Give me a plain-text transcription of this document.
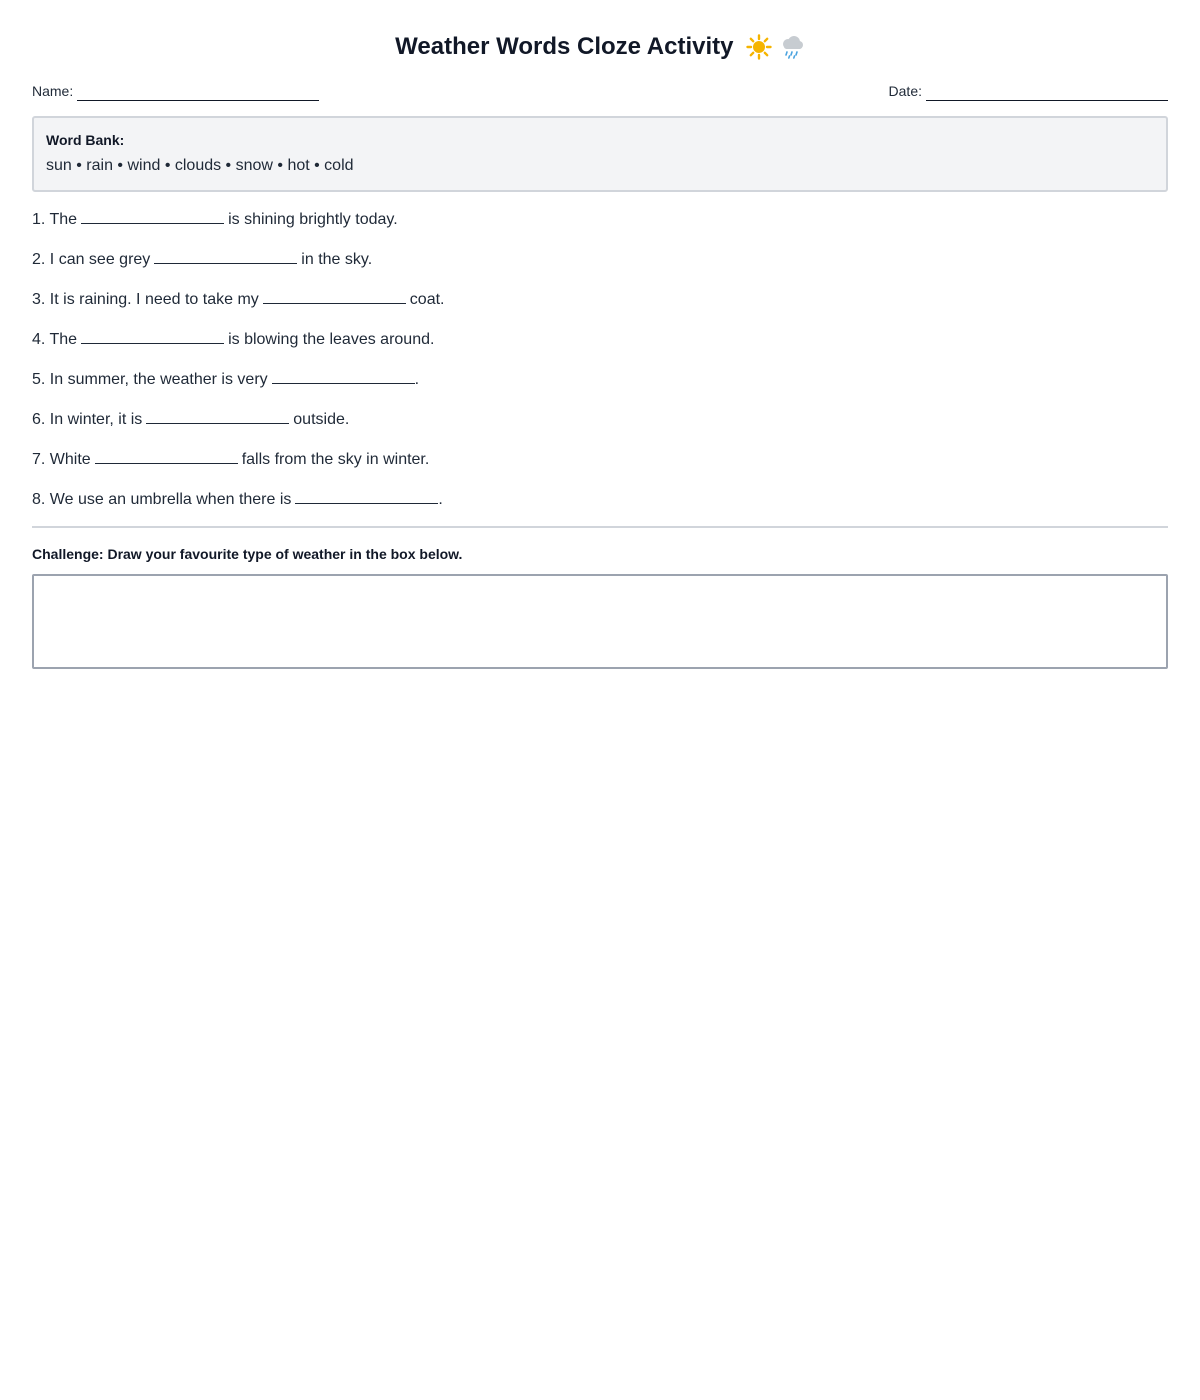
Weather Words Cloze Activity
Name:	Date:
Word Bank:
sun • rain • wind • clouds • snow • hot • cold
1. The	is shining brightly today.
2. I can see grey	in the sky.
3. It is raining. I need to take my	coat.
4. The	is blowing the leaves around.
5. In summer, the weather is very	.
6. In winter, it is	outside.
7. White	falls from the sky in winter.
8. We use an umbrella when there is	.
Challenge: Draw your favourite type of weather in the box below.
